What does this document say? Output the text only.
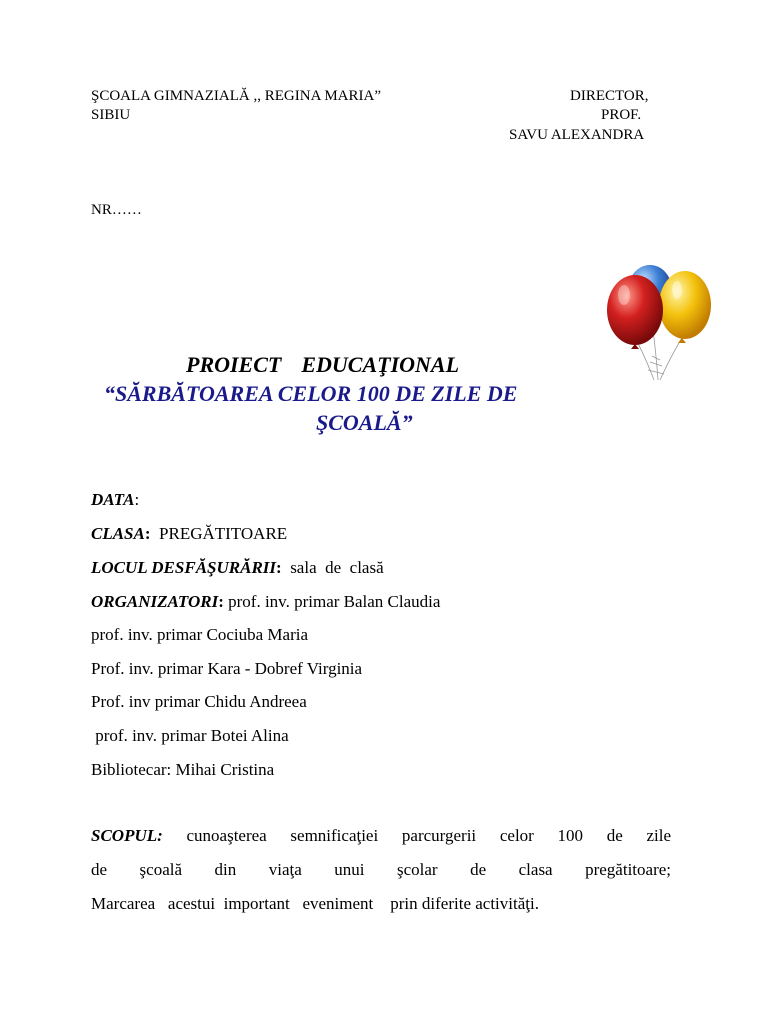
ŞCOALA GIMNAZIALĂ ,, REGINA MARIA”
SIBIU
DIRECTOR,
PROF.
SAVU ALEXANDRA
NR……
PROIECT EDUCAŢIONAL
“SĂRBĂTOAREA CELOR 100 DE ZILE DE
ŞCOALĂ”
DATA:
CLASA: PREGĂTITOARE
LOCUL DESFĂŞURĂRII: sala  de  clasă
ORGANIZATORI: prof. inv. primar Balan Claudia
prof. inv. primar Cociuba Maria
Prof. inv. primar Kara - Dobref Virginia
Prof. inv primar Chidu Andreea
prof. inv. primar Botei Alina
Bibliotecar: Mihai Cristina
SCOPUL: cunoaşterea semnificaţiei parcurgerii celor 100 de zile
de şcoală din viaţa unui şcolar de clasa pregătitoare;
Marcarea   acestui  important   eveniment    prin diferite activităţi.
